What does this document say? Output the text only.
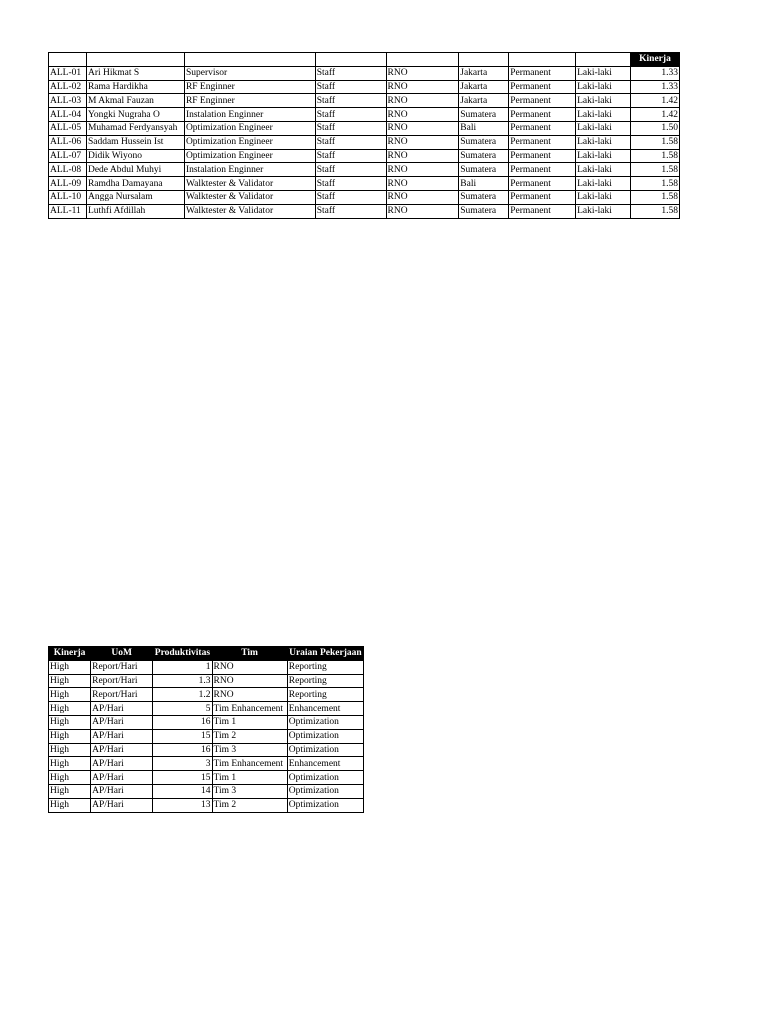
								Kinerja
ALL-01	Ari Hikmat S	Supervisor	Staff	RNO	Jakarta	Permanent	Laki-laki	1.33
ALL-02	Rama Hardikha	RF Enginner	Staff	RNO	Jakarta	Permanent	Laki-laki	1.33
ALL-03	M Akmal Fauzan	RF Enginner	Staff	RNO	Jakarta	Permanent	Laki-laki	1.42
ALL-04	Yongki Nugraha O	Instalation Enginner	Staff	RNO	Sumatera	Permanent	Laki-laki	1.42
ALL-05	Muhamad Ferdyansyah	Optimization Engineer	Staff	RNO	Bali	Permanent	Laki-laki	1.50
ALL-06	Saddam Hussein Ist	Optimization Engineer	Staff	RNO	Sumatera	Permanent	Laki-laki	1.58
ALL-07	Didik Wiyono	Optimization Engineer	Staff	RNO	Sumatera	Permanent	Laki-laki	1.58
ALL-08	Dede Abdul Muhyi	Instalation Enginner	Staff	RNO	Sumatera	Permanent	Laki-laki	1.58
ALL-09	Ramdha Damayana	Walktester & Validator	Staff	RNO	Bali	Permanent	Laki-laki	1.58
ALL-10	Angga Nursalam	Walktester & Validator	Staff	RNO	Sumatera	Permanent	Laki-laki	1.58
ALL-11	Luthfi Afdillah	Walktester & Validator	Staff	RNO	Sumatera	Permanent	Laki-laki	1.58
Kinerja	UoM	Produktivitas	Tim	Uraian Pekerjaan
High	Report/Hari	1	RNO	Reporting
High	Report/Hari	1.3	RNO	Reporting
High	Report/Hari	1.2	RNO	Reporting
High	AP/Hari	5	Tim Enhancement	Enhancement
High	AP/Hari	16	Tim 1	Optimization
High	AP/Hari	15	Tim 2	Optimization
High	AP/Hari	16	Tim 3	Optimization
High	AP/Hari	3	Tim Enhancement	Enhancement
High	AP/Hari	15	Tim 1	Optimization
High	AP/Hari	14	Tim 3	Optimization
High	AP/Hari	13	Tim 2	Optimization
